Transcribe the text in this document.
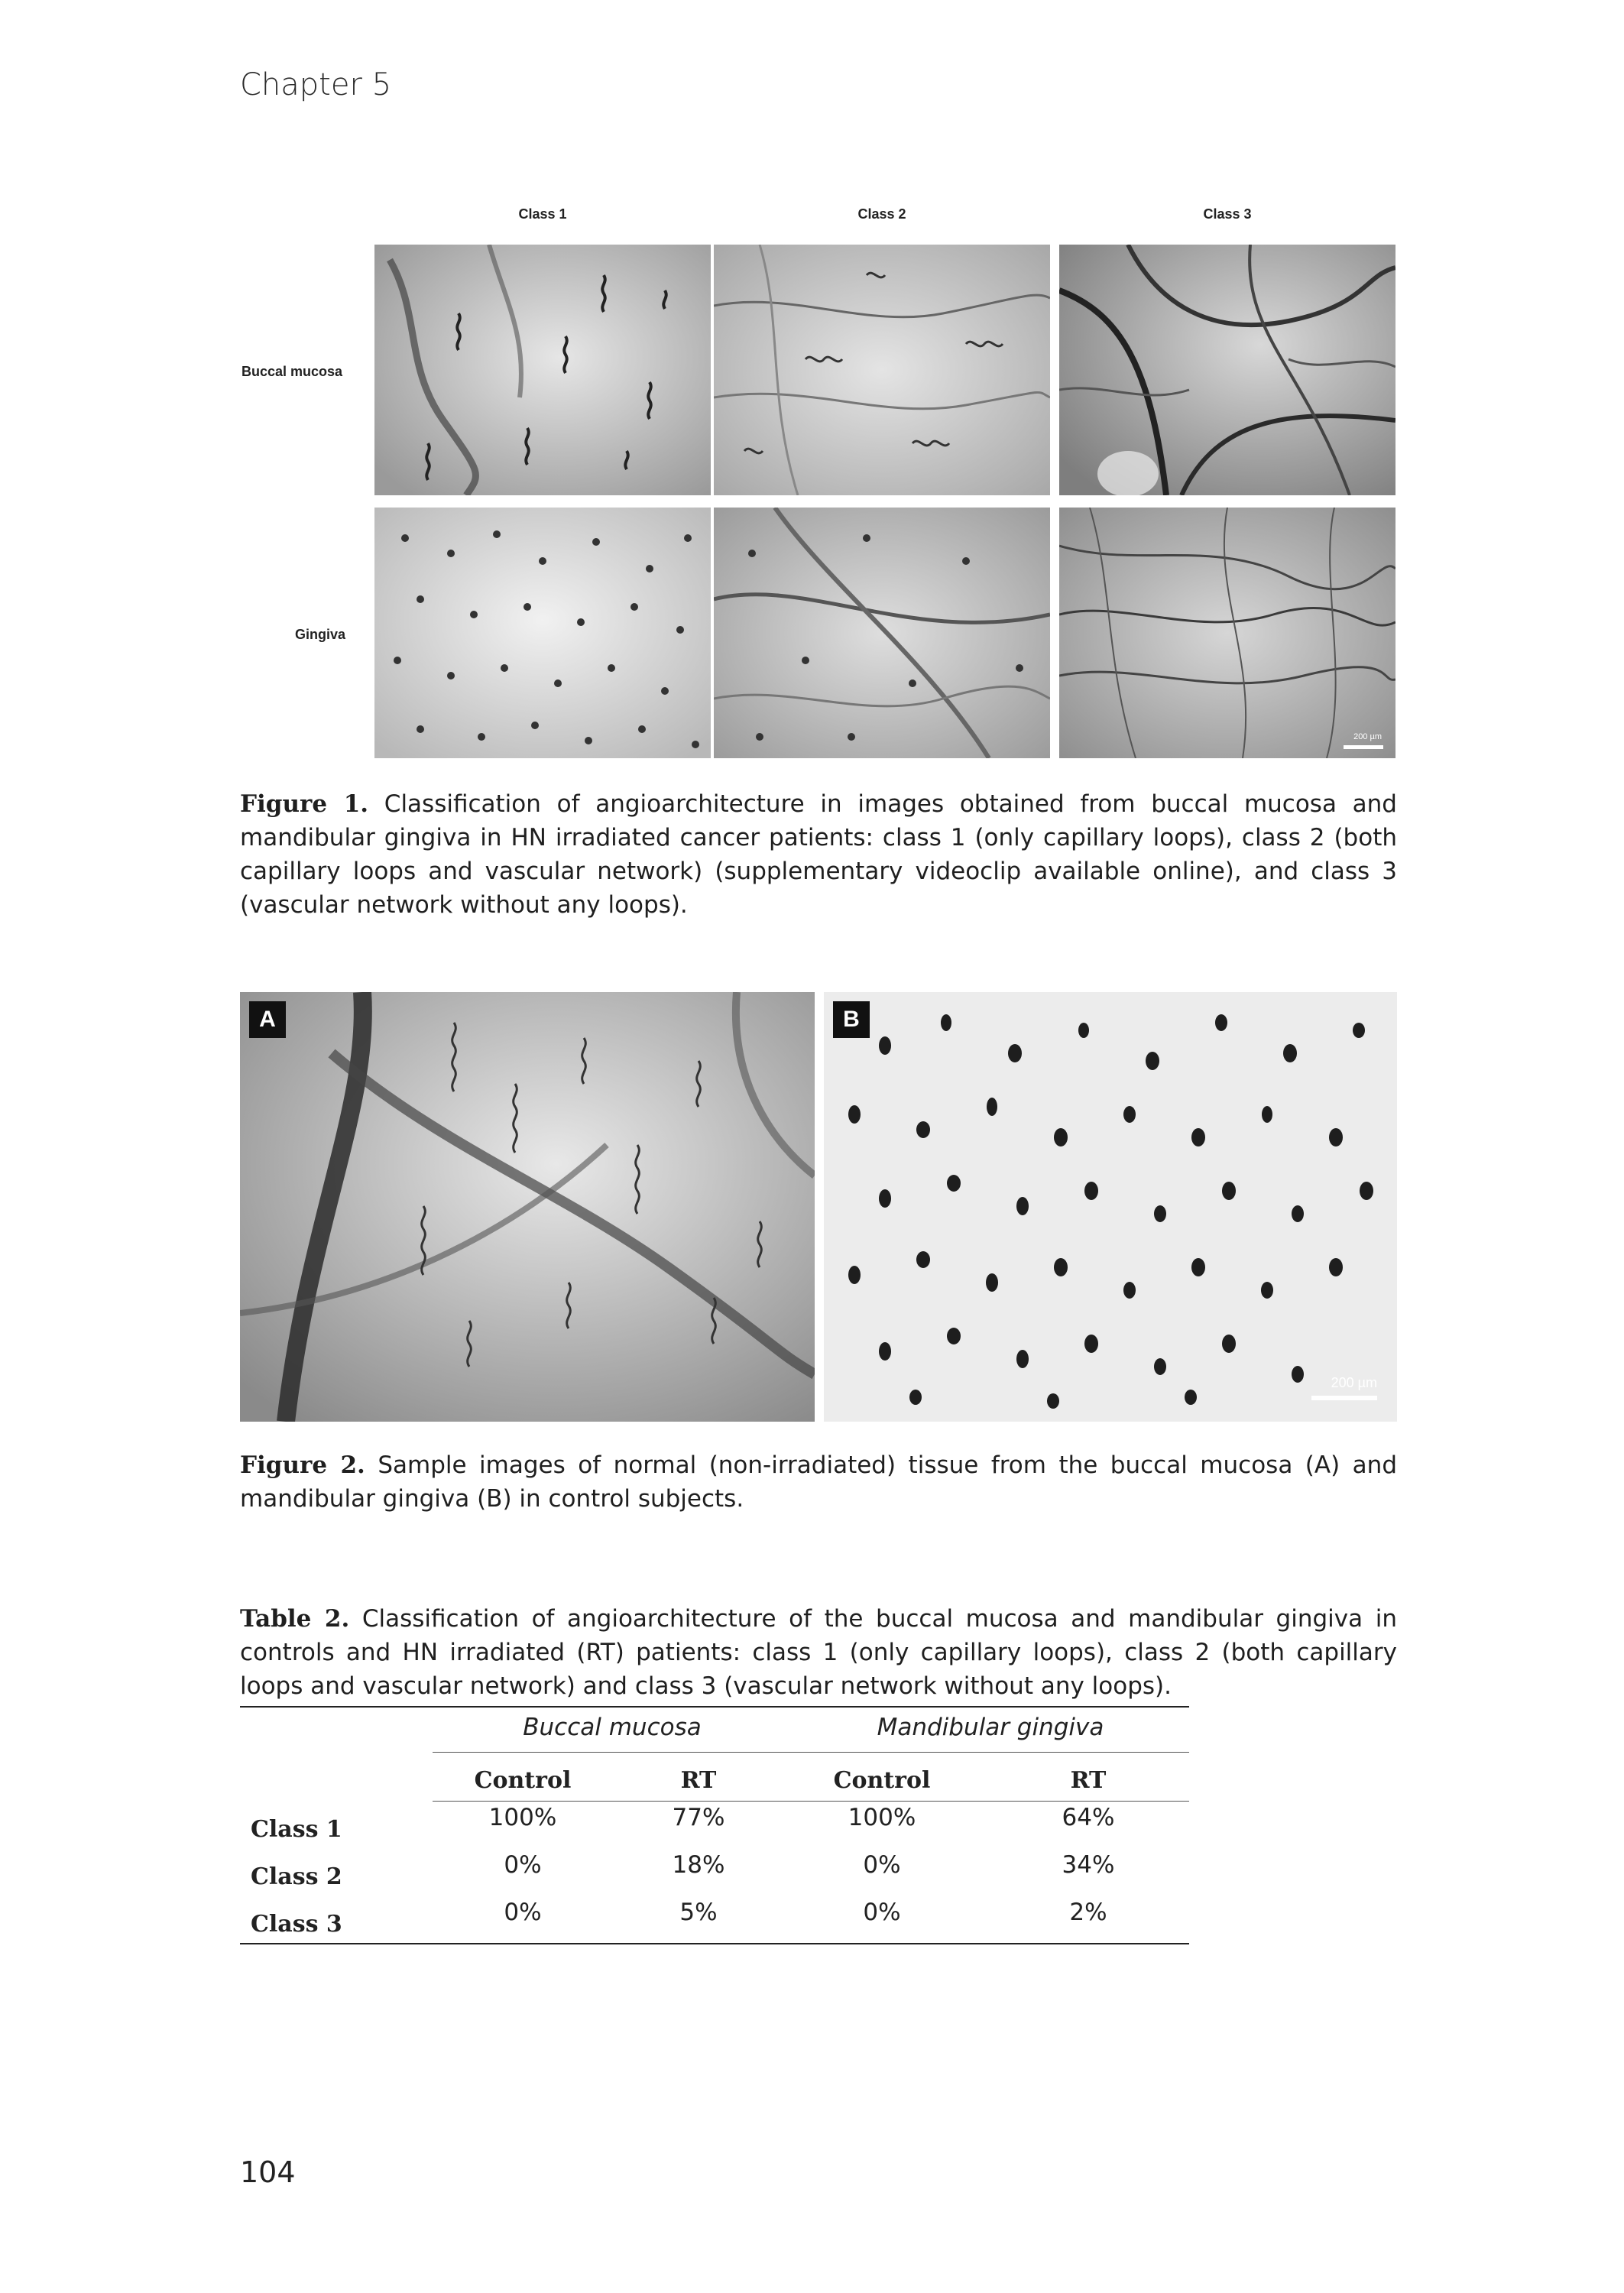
Chapter 5
Class 1	Class 2	Class 3
Buccal mucosa
Gingiva
200 µm

Figure 1. Classification of angioarchitecture in images obtained from buccal mucosa and mandibular gingiva in HN irradiated cancer patients: class 1 (only capillary loops), class 2 (both capillary loops and vascular network) (supplementary videoclip available online), and class 3 (vascular network without any loops).

A	B
200 µm

Figure 2. Sample images of normal (non-irradiated) tissue from the buccal mucosa (A) and mandibular gingiva (B) in control subjects.

Table 2. Classification of angioarchitecture of the buccal mucosa and mandibular gingiva in controls and HN irradiated (RT) patients: class 1 (only capillary loops), class 2 (both capillary loops and vascular network) and class 3 (vascular network without any loops).

Buccal mucosa	Mandibular gingiva
Control	RT	Control	RT
Class 1	100%	77%	100%	64%
Class 2	0%	18%	0%	34%
Class 3	0%	5%	0%	2%
104
